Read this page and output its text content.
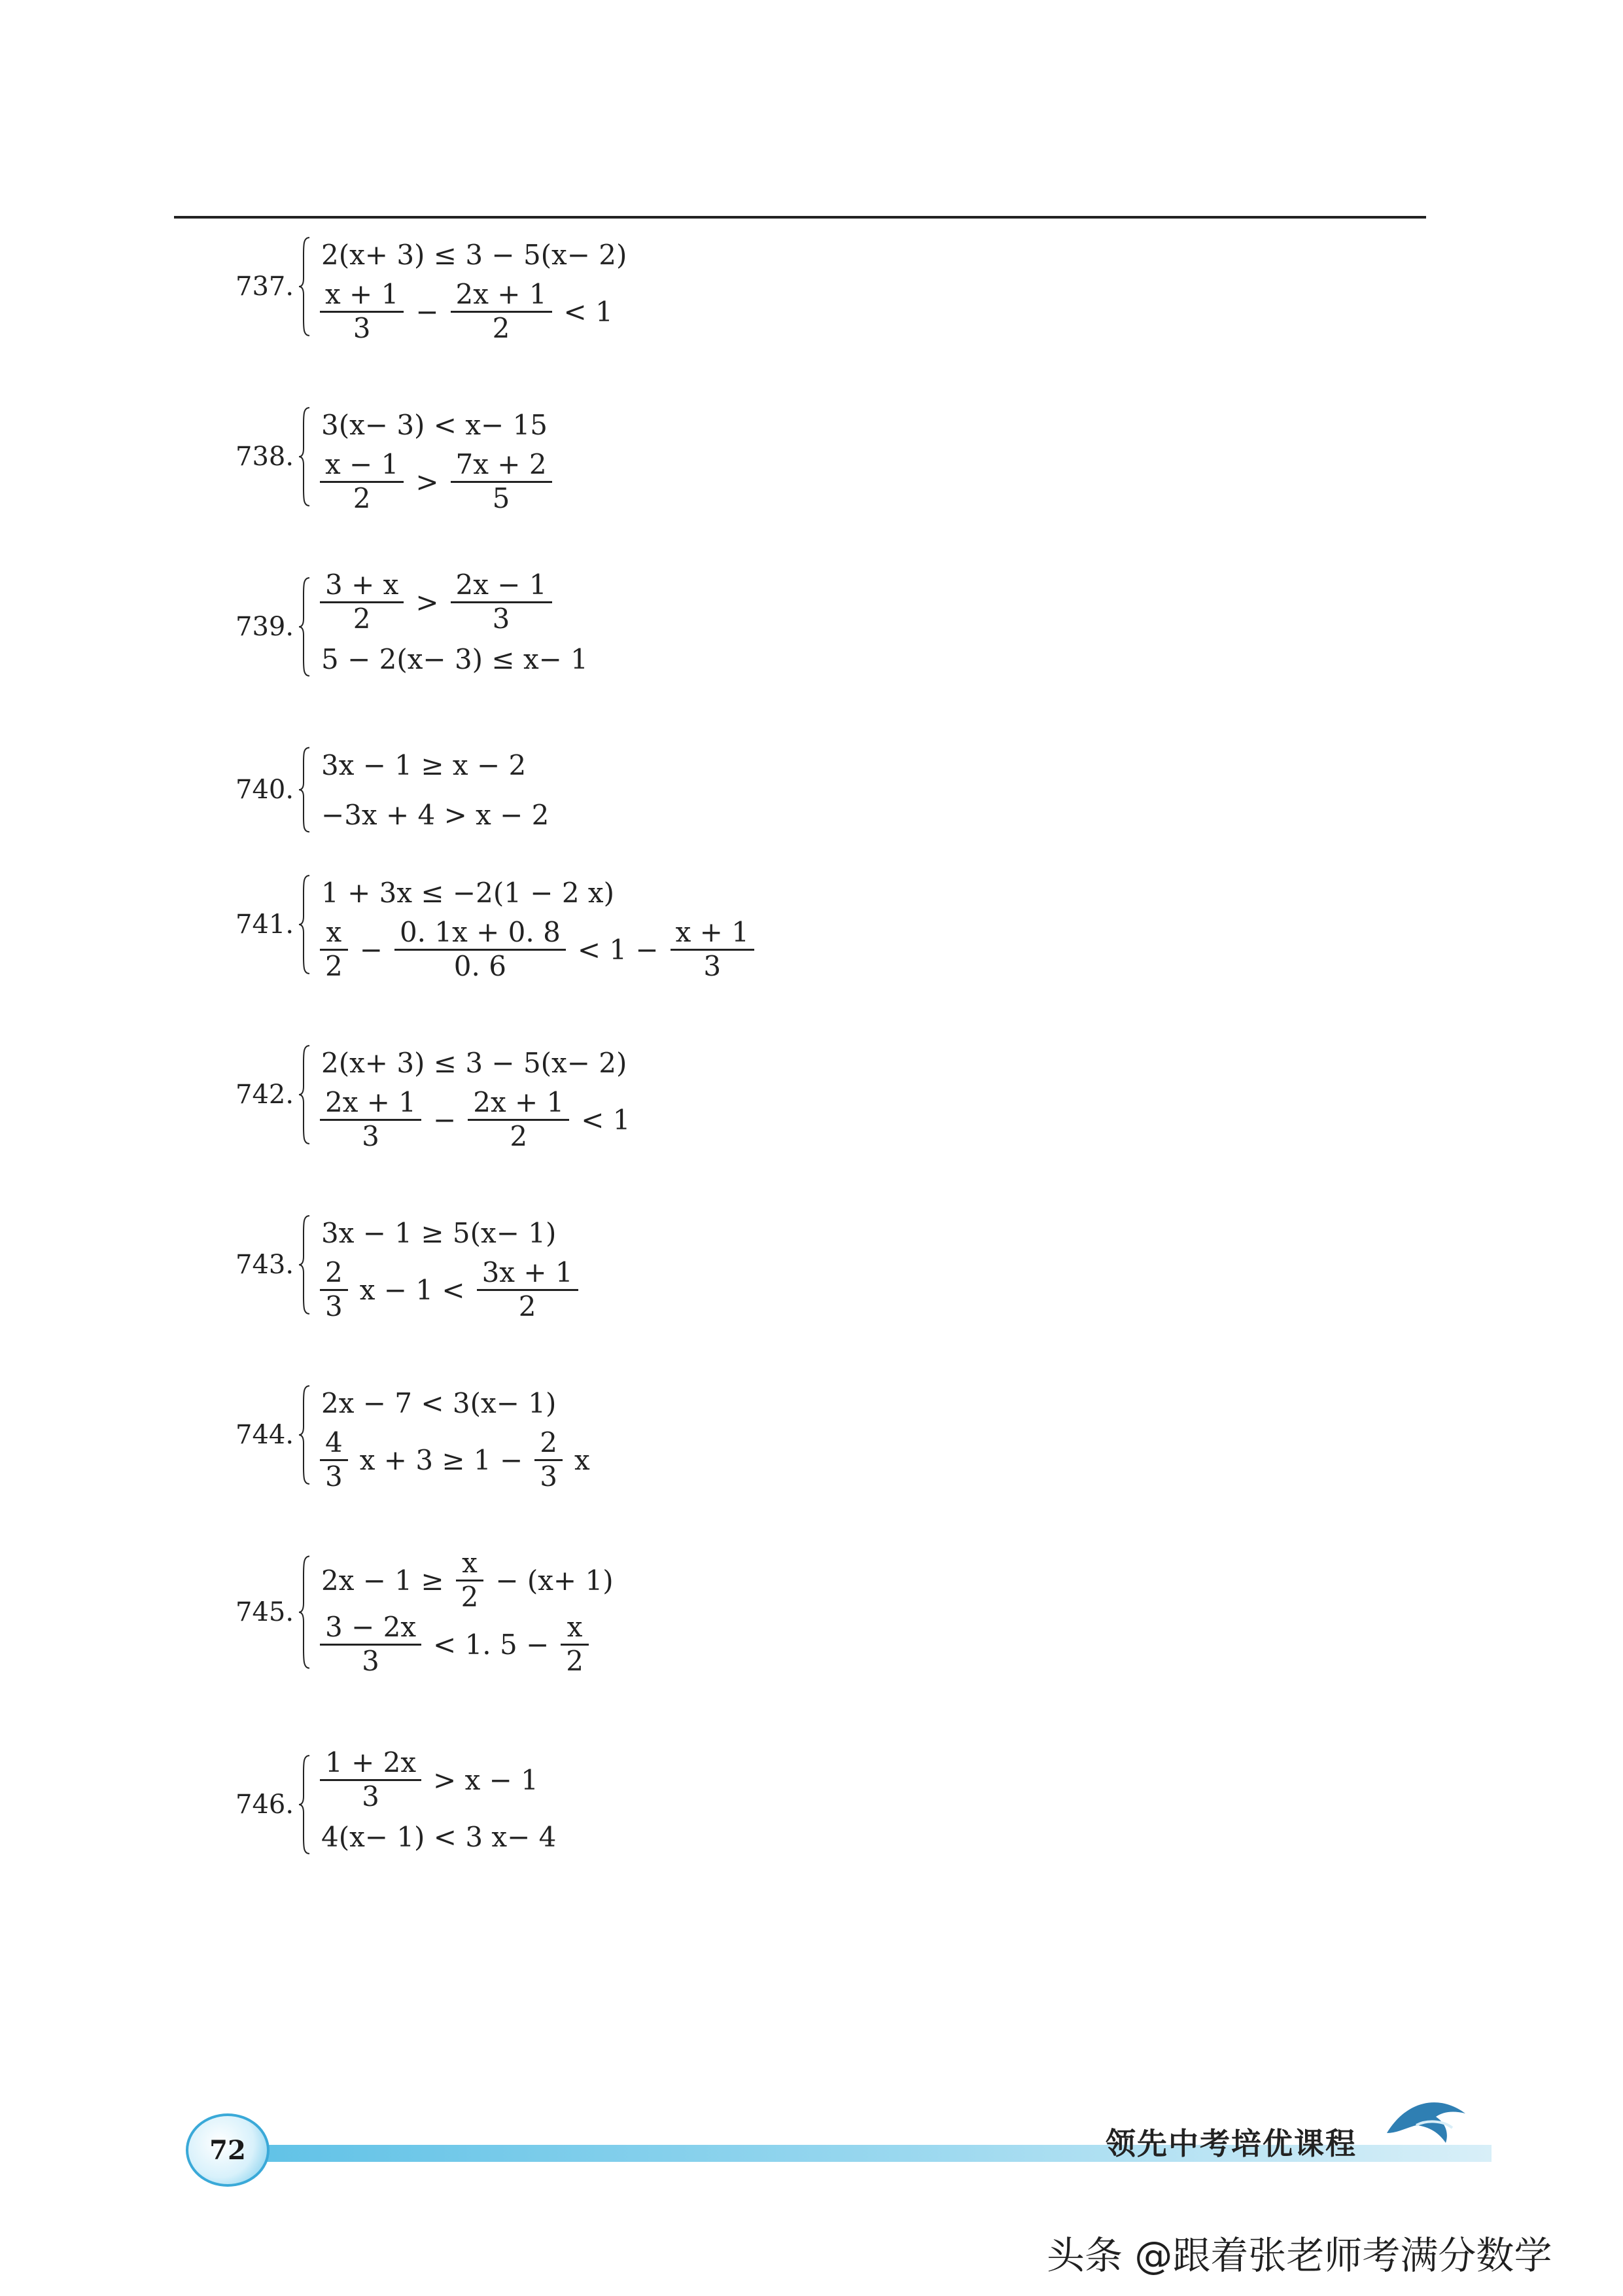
737.
2(x+ 3) ≤ 3 − 5(x− 2)
$\frac{x + 1}{3} - \frac{2x + 1}{2} < 1$
738.
3(x− 3) < x− 15
$\frac{x - 1}{2} > \frac{7x + 2}{5}$
739. $\frac{3 + x}{2} > \frac{2x - 1}{3}$
5 − 2(x− 3) ≤ x− 1
740.
3x − 1 ≥ x − 2
−3x + 4 > x − 2
741.
1 + 3x ≤ −2(1 − 2 x)
$\frac{x}{2} - \frac{0. 1x + 0. 8}{0. 6} < 1 - \frac{x + 1}{3}$
742.
2(x+ 3) ≤ 3 − 5(x− 2)
$\frac{2x + 1}{3} - \frac{2x + 1}{2} < 1$
743.
3x − 1 ≥ 5(x− 1)
$\frac{2}{3}$ $x - 1 < \frac{3x + 1}{2}$
744.
2x − 7 < 3(x− 1)
$\frac{4}{3}$ $x + 3 \ge 1 - \frac{2}{3}$ x
745.
$2x - 1 \ge \frac{x}{2} - (x+ 1)$
$\frac{3 - 2x}{3} < 1$. $5 - \frac{x}{2}$
746. $\frac{1 + 2x}{3} > x - 1$
4(x− 1) < 3 x− 4
72	领先中考培优课程
头条 @跟着张老师考满分数学
